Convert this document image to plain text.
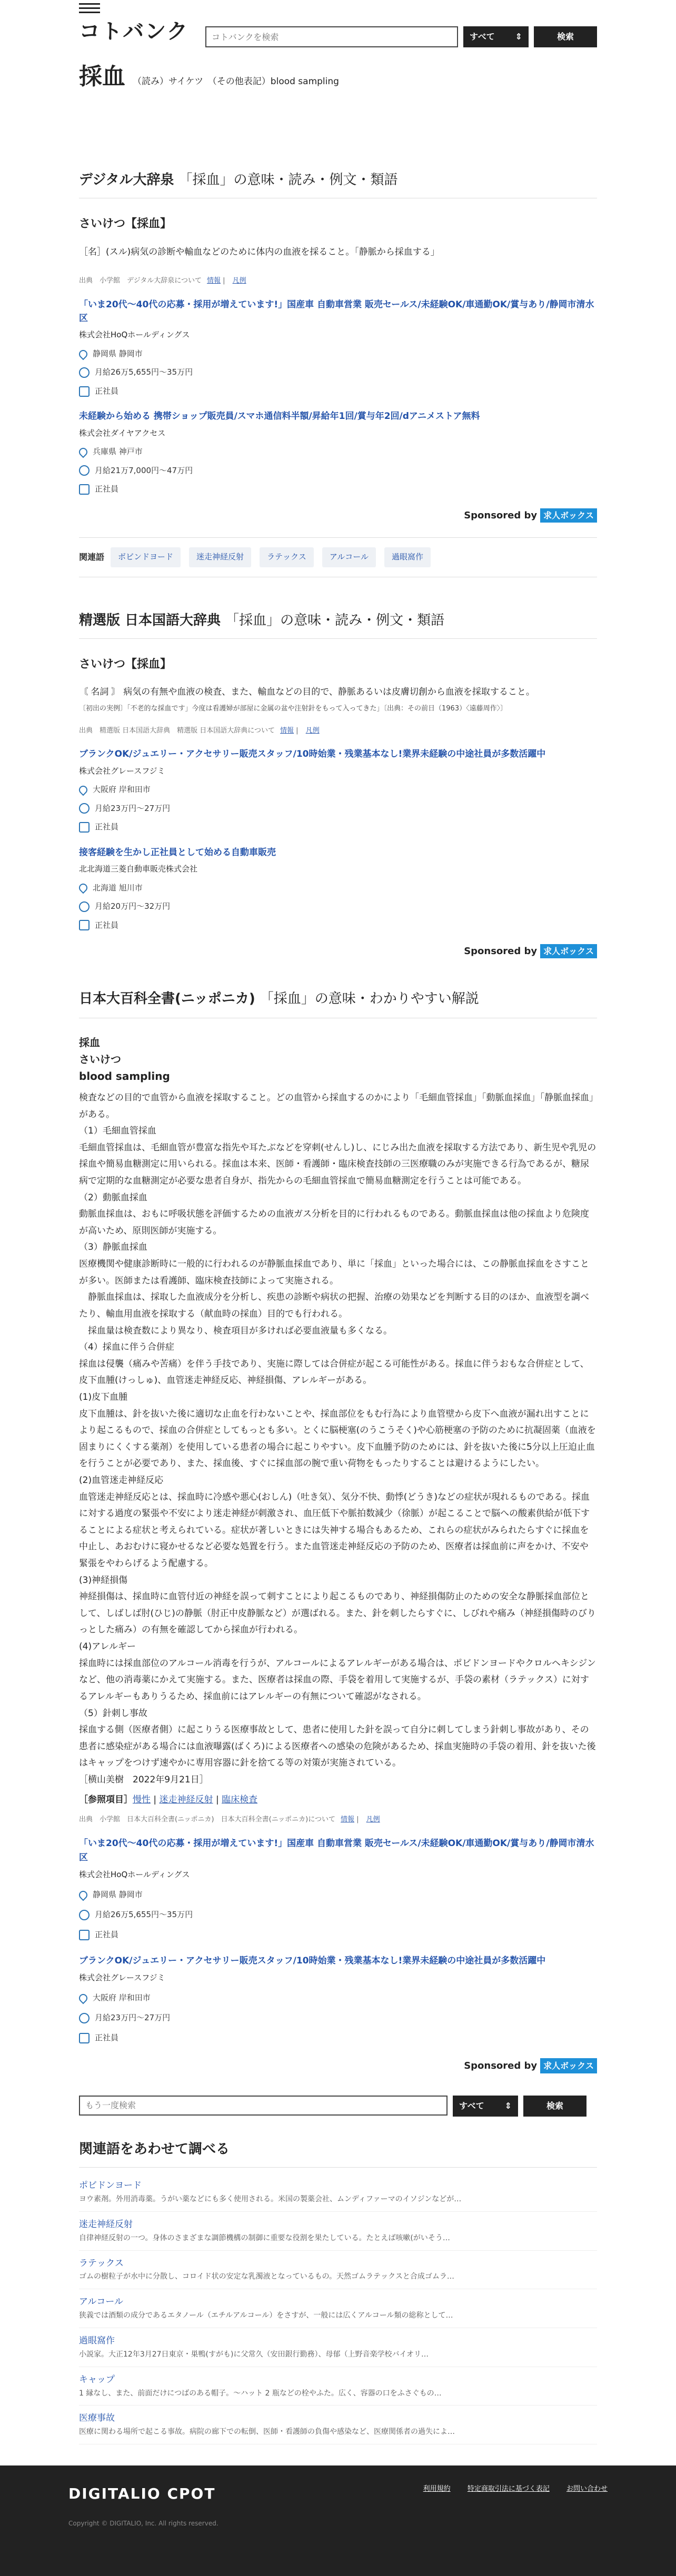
コトバンク
コトバンクを検索	すべて ⇕	検索
採血 （読み）サイケツ　（その他表記）blood sampling
デジタル大辞泉 「採血」の意味・読み・例文・類語
さいけつ【採血】
［名］(スル)病気の診断や輸血などのために体内の血液を採ること。「静脈から採血する」
出典　小学館　デジタル大辞泉について 情報 | 凡例
「いま20代〜40代の応募・採用が増えています!」国産車 自動車営業 販売セールス/未経験OK/車通勤OK/賞与あり/静岡市清水区
株式会社HoQホールディングス
静岡県 静岡市
月給26万5,655円〜35万円
正社員
未経験から始める 携帯ショップ販売員/スマホ通信料半額/昇給年1回/賞与年2回/dアニメストア無料
株式会社ダイヤアクセス
兵庫県 神戸市
月給21万7,000円〜47万円
正社員
Sponsored by 求人ボックス
関連語	ボビンドヨード	迷走神経反射	ラテックス	アルコール	過眼窩作
精選版 日本国語大辞典 「採血」の意味・読み・例文・類語
さいけつ【採血】
〘 名詞 〙 病気の有無や血液の検査、また、輸血などの目的で、静脈あるいは皮膚切創から血液を採取すること。
〔初出の実例〕「不老的な採血です」今度は看護婦が部屋に金属の盆や注射針をもって入ってきた」〔出典：その前日（1963）〈遠藤周作〉〕
出典　精選版 日本国語大辞典　精選版 日本国語大辞典について 情報 | 凡例
ブランクOK/ジュエリー・アクセサリー販売スタッフ/10時始業・残業基本なし!業界未経験の中途社員が多数活躍中
株式会社グレースフジミ
大阪府 岸和田市
月給23万円〜27万円
正社員
接客経験を生かし正社員として始める自動車販売
北北海道三菱自動車販売株式会社
北海道 旭川市
月給20万円〜32万円
正社員
Sponsored by 求人ボックス
日本大百科全書(ニッポニカ) 「採血」の意味・わかりやすい解説
採血
さいけつ
blood sampling

検査などの目的で血管から血液を採取すること。どの血管から採血するのかにより「毛細血管採血」「動脈血採血」「静脈血採血」がある。

（1）毛細血管採血

毛細血管採血は、毛細血管が豊富な指先や耳たぶなどを穿刺(せんし)し、にじみ出た血液を採取する方法であり、新生児や乳児の採血や簡易血糖測定に用いられる。採血は本来、医師・看護師・臨床検査技師の三医療職のみが実施できる行為であるが、糖尿病で定期的な血糖測定が必要な患者自身が、指先からの毛細血管採血で簡易血糖測定を行うことは可能である。

（2）動脈血採血

動脈血採血は、おもに呼吸状態を評価するための血液ガス分析を目的に行われるものである。動脈血採血は他の採血より危険度が高いため、原則医師が実施する。

（3）静脈血採血

医療機関や健康診断時に一般的に行われるのが静脈血採血であり、単に「採血」といった場合には、この静脈血採血をさすことが多い。医師または看護師、臨床検査技師によって実施される。

　静脈血採血は、採取した血液成分を分析し、疾患の診断や病状の把握、治療の効果などを判断する目的のほか、血液型を調べたり、輸血用血液を採取する（献血時の採血）目的でも行われる。

　採血量は検査数により異なり、検査項目が多ければ必要血液量も多くなる。

（4）採血に伴う合併症

採血は侵襲（痛みや苦痛）を伴う手技であり、実施に際しては合併症が起こる可能性がある。採血に伴うおもな合併症として、皮下血腫(けっしゅ)、血管迷走神経反応、神経損傷、アレルギーがある。

(1)皮下血腫

皮下血腫は、針を抜いた後に適切な止血を行わないことや、採血部位をもむ行為により血管壁から皮下へ血液が漏れ出すことにより起こるもので、採血の合併症としてもっとも多い。とくに脳梗塞(のうこうそく)や心筋梗塞の予防のために抗凝固薬（血液を固まりにくくする薬剤）を使用している患者の場合に起こりやすい。皮下血腫予防のためには、針を抜いた後に5分以上圧迫止血を行うことが必要であり、また、採血後、すぐに採血部の腕で重い荷物をもったりすることは避けるようにしたい。

(2)血管迷走神経反応

血管迷走神経反応とは、採血時に冷感や悪心(おしん)（吐き気）、気分不快、動悸(どうき)などの症状が現れるものである。採血に対する過度の緊張や不安により迷走神経が刺激され、血圧低下や脈拍数減少（徐脈）が起こることで脳への酸素供給が低下することによる症状と考えられている。症状が著しいときには失神する場合もあるため、これらの症状がみられたらすぐに採血を中止し、あおむけに寝かせるなど必要な処置を行う。また血管迷走神経反応の予防のため、医療者は採血前に声をかけ、不安や緊張をやわらげるよう配慮する。

(3)神経損傷

神経損傷は、採血時に血管付近の神経を誤って刺すことにより起こるものであり、神経損傷防止のための安全な静脈採血部位として、しばしば肘(ひじ)の静脈（肘正中皮静脈など）が選ばれる。また、針を刺したらすぐに、しびれや痛み（神経損傷時のびりっとした痛み）の有無を確認してから採血が行われる。

(4)アレルギー

採血時には採血部位のアルコール消毒を行うが、アルコールによるアレルギーがある場合は、ポビドンヨードやクロルヘキシジンなど、他の消毒薬にかえて実施する。また、医療者は採血の際、手袋を着用して実施するが、手袋の素材（ラテックス）に対するアレルギーもありうるため、採血前にはアレルギーの有無について確認がなされる。

（5）針刺し事故

採血する側（医療者側）に起こりうる医療事故として、患者に使用した針を誤って自分に刺してしまう針刺し事故があり、その患者に感染症がある場合には血液曝露(ばくろ)による医療者への感染の危険があるため、採血実施時の手袋の着用、針を抜いた後はキャップをつけず速やかに専用容器に針を捨てる等の対策が実施されている。

［横山美樹　2022年9月21日］

［参照項目］慢性 | 迷走神経反射 | 臨床検査
出典　小学館　日本大百科全書(ニッポニカ)　日本大百科全書(ニッポニカ)について 情報 | 凡例
「いま20代〜40代の応募・採用が増えています!」国産車 自動車営業 販売セールス/未経験OK/車通勤OK/賞与あり/静岡市清水区
株式会社HoQホールディングス
静岡県 静岡市
月給26万5,655円〜35万円
正社員
ブランクOK/ジュエリー・アクセサリー販売スタッフ/10時始業・残業基本なし!業界未経験の中途社員が多数活躍中
株式会社グレースフジミ
大阪府 岸和田市
月給23万円〜27万円
正社員
Sponsored by 求人ボックス
もう一度検索
すべて ⇕	検索
関連語をあわせて調べる
ポビドンヨード
ヨウ素剤。外用消毒薬。うがい薬などにも多く使用される。米国の製薬会社、ムンディファーマのイソジンなどが…
迷走神経反射
自律神経反射の一つ。身体のさまざまな調節機構の制御に重要な役割を果たしている。たとえば咳嗽(がいそう…
ラテックス
ゴムの樹粒子が水中に分散し、コロイド状の安定な乳濁液となっているもの。天然ゴムラテックスと合成ゴムラ…
アルコール
狭義では酒類の成分であるエタノール（エチルアルコール）をさすが、一般には広くアルコール類の総称として…
過眼窩作
小説家。大正12年3月27日東京・巣鴨(すがも)に父常久（安田銀行勤務）、母郁（上野音楽学校バイオリ…
キャップ
1 縁なし、また、前面だけにつばのある帽子。〜ハット 2 瓶などの栓やふた。広く、容器の口をふさぐもの…
医療事故
医療に関わる場所で起こる事故。病院の廊下での転倒、医師・看護師の負傷や感染など、医療関係者の過失によ…
DIGITALIO CPOT	利用規約 特定商取引法に基づく表記 お問い合わせ
Copyright © DIGITALIO, Inc. All rights reserved.
